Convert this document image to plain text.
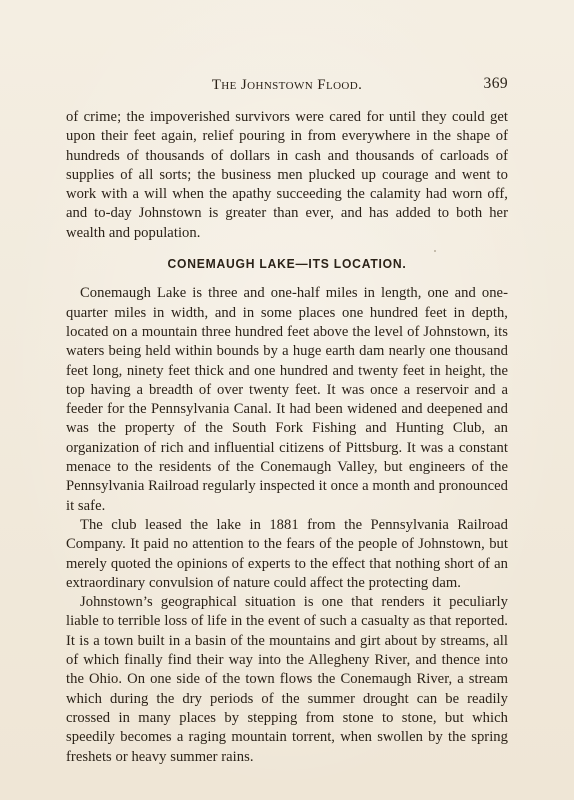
The Johnstown Flood.	369

of crime; the impoverished survivors were cared for until they could get upon their feet again, relief pouring in from everywhere in the shape of hundreds of thousands of dollars in cash and thousands of carloads of supplies of all sorts; the business men plucked up courage and went to work with a will when the apathy succeeding the calamity had worn off, and to-day Johnstown is greater than ever, and has added to both her wealth and population.

CONEMAUGH LAKE—ITS LOCATION.

Conemaugh Lake is three and one-half miles in length, one and one-quarter miles in width, and in some places one hundred feet in depth, located on a mountain three hundred feet above the level of Johnstown, its waters being held within bounds by a huge earth dam nearly one thousand feet long, ninety feet thick and one hundred and twenty feet in height, the top having a breadth of over twenty feet. It was once a reservoir and a feeder for the Pennsylvania Canal. It had been widened and deepened and was the property of the South Fork Fishing and Hunting Club, an organization of rich and influential citizens of Pittsburg. It was a constant menace to the residents of the Conemaugh Valley, but engineers of the Pennsylvania Railroad regularly inspected it once a month and pronounced it safe.

The club leased the lake in 1881 from the Pennsylvania Railroad Company. It paid no attention to the fears of the people of Johnstown, but merely quoted the opinions of experts to the effect that nothing short of an extraordinary convulsion of nature could affect the protecting dam.

Johnstown’s geographical situation is one that renders it peculiarly liable to terrible loss of life in the event of such a casualty as that reported. It is a town built in a basin of the mountains and girt about by streams, all of which finally find their way into the Allegheny River, and thence into the Ohio. On one side of the town flows the Conemaugh River, a stream which during the dry periods of the summer drought can be readily crossed in many places by stepping from stone to stone, but which speedily becomes a raging mountain torrent, when swollen by the spring freshets or heavy summer rains.
